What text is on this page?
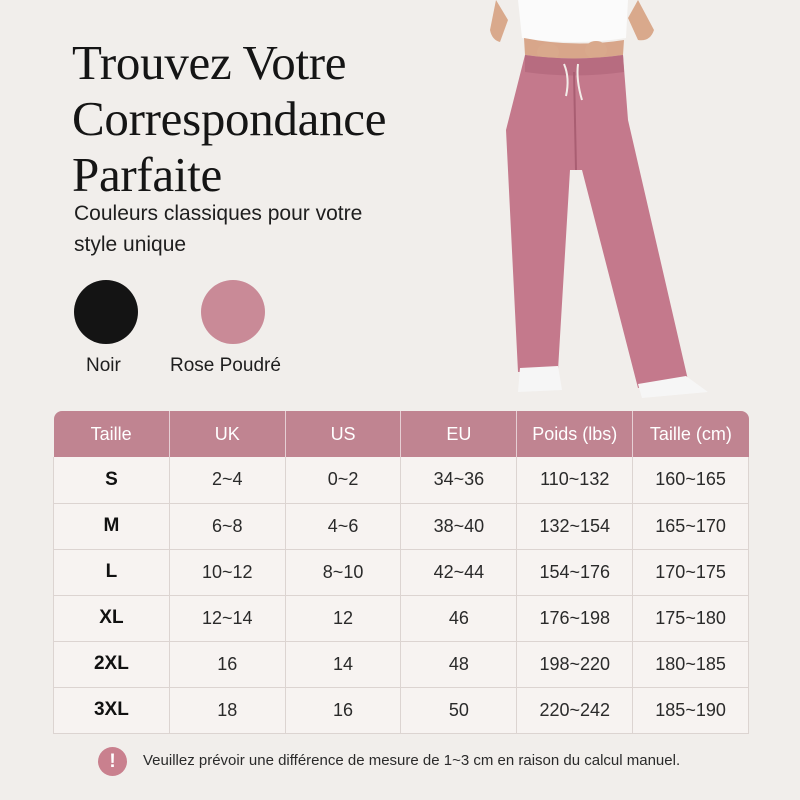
Trouvez Votre
Correspondance
Parfaite
Couleurs classiques pour votre
style unique
Noir	Rose Poudré
Taille	UK	US	EU	Poids (lbs)	Taille (cm)
S	2~4	0~2	34~36	110~132	160~165
M	6~8	4~6	38~40	132~154	165~170
L	10~12	8~10	42~44	154~176	170~175
XL	12~14	12	46	176~198	175~180
2XL	16	14	48	198~220	180~185
3XL	18	16	50	220~242	185~190
!	Veuillez prévoir une différence de mesure de 1~3 cm en raison du calcul manuel.
